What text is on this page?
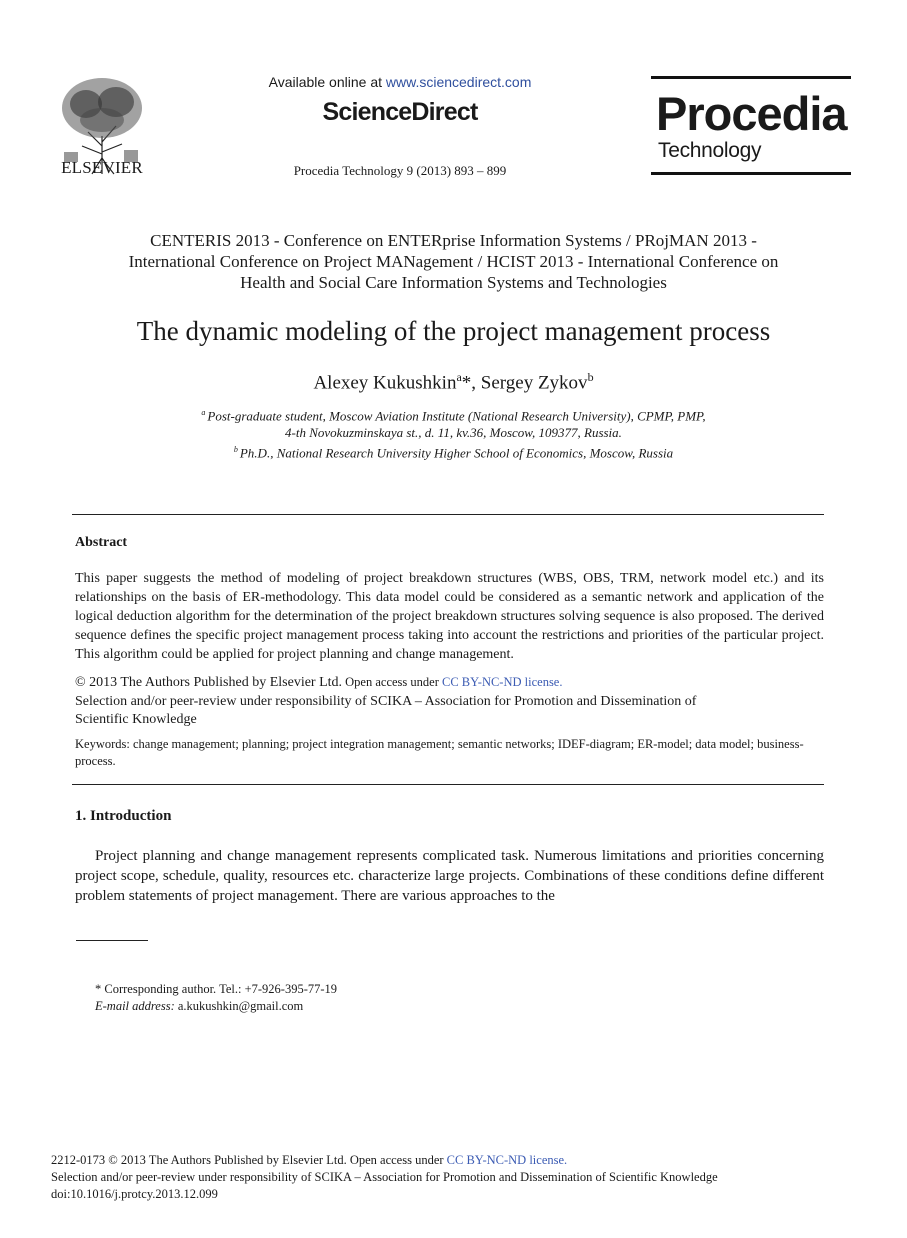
ELSEVIER
Available online at www.sciencedirect.com
ScienceDirect
Procedia Technology 9 (2013) 893 – 899
Procedia
Technology
CENTERIS 2013 - Conference on ENTERprise Information Systems / PRojMAN 2013 -
International Conference on Project MANagement / HCIST 2013 - International Conference on
Health and Social Care Information Systems and Technologies
The dynamic modeling of the project management process
Alexey Kukushkin$^a$*, Sergey Zykov$^b$
$^a$ Post-graduate student, Moscow Aviation Institute (National Research University), CPMP, PMP,
4-th Novokuzminskaya st., d. 11, kv.36, Moscow, 109377, Russia.
$^b$ Ph.D., National Research University Higher School of Economics, Moscow, Russia
Abstract
This paper suggests the method of modeling of project breakdown structures (WBS, OBS, TRM, network model etc.) and its relationships on the basis of ER-methodology. This data model could be considered as a semantic network and application of the logical deduction algorithm for the determination of the project breakdown structures solving sequence is also proposed. The derived sequence defines the specific project management process taking into account the restrictions and priorities of the particular project. This algorithm could be applied for project planning and change management.
© 2013 The Authors Published by Elsevier Ltd. Open access under CC BY-NC-ND license.
Selection and/or peer-review under responsibility of SCIKA – Association for Promotion and Dissemination of
Scientific Knowledge
Keywords: change management; planning; project integration management; semantic networks; IDEF-diagram; ER-model; data model; business-process.
1. Introduction
Project planning and change management represents complicated task. Numerous limitations and priorities concerning project scope, schedule, quality, resources etc. characterize large projects. Combinations of these conditions define different problem statements of project management. There are various approaches to the
* Corresponding author. Tel.: +7-926-395-77-19
E-mail address: a.kukushkin@gmail.com
2212-0173 © 2013 The Authors Published by Elsevier Ltd. Open access under CC BY-NC-ND license.
Selection and/or peer-review under responsibility of SCIKA – Association for Promotion and Dissemination of Scientific Knowledge
doi:10.1016/j.protcy.2013.12.099
